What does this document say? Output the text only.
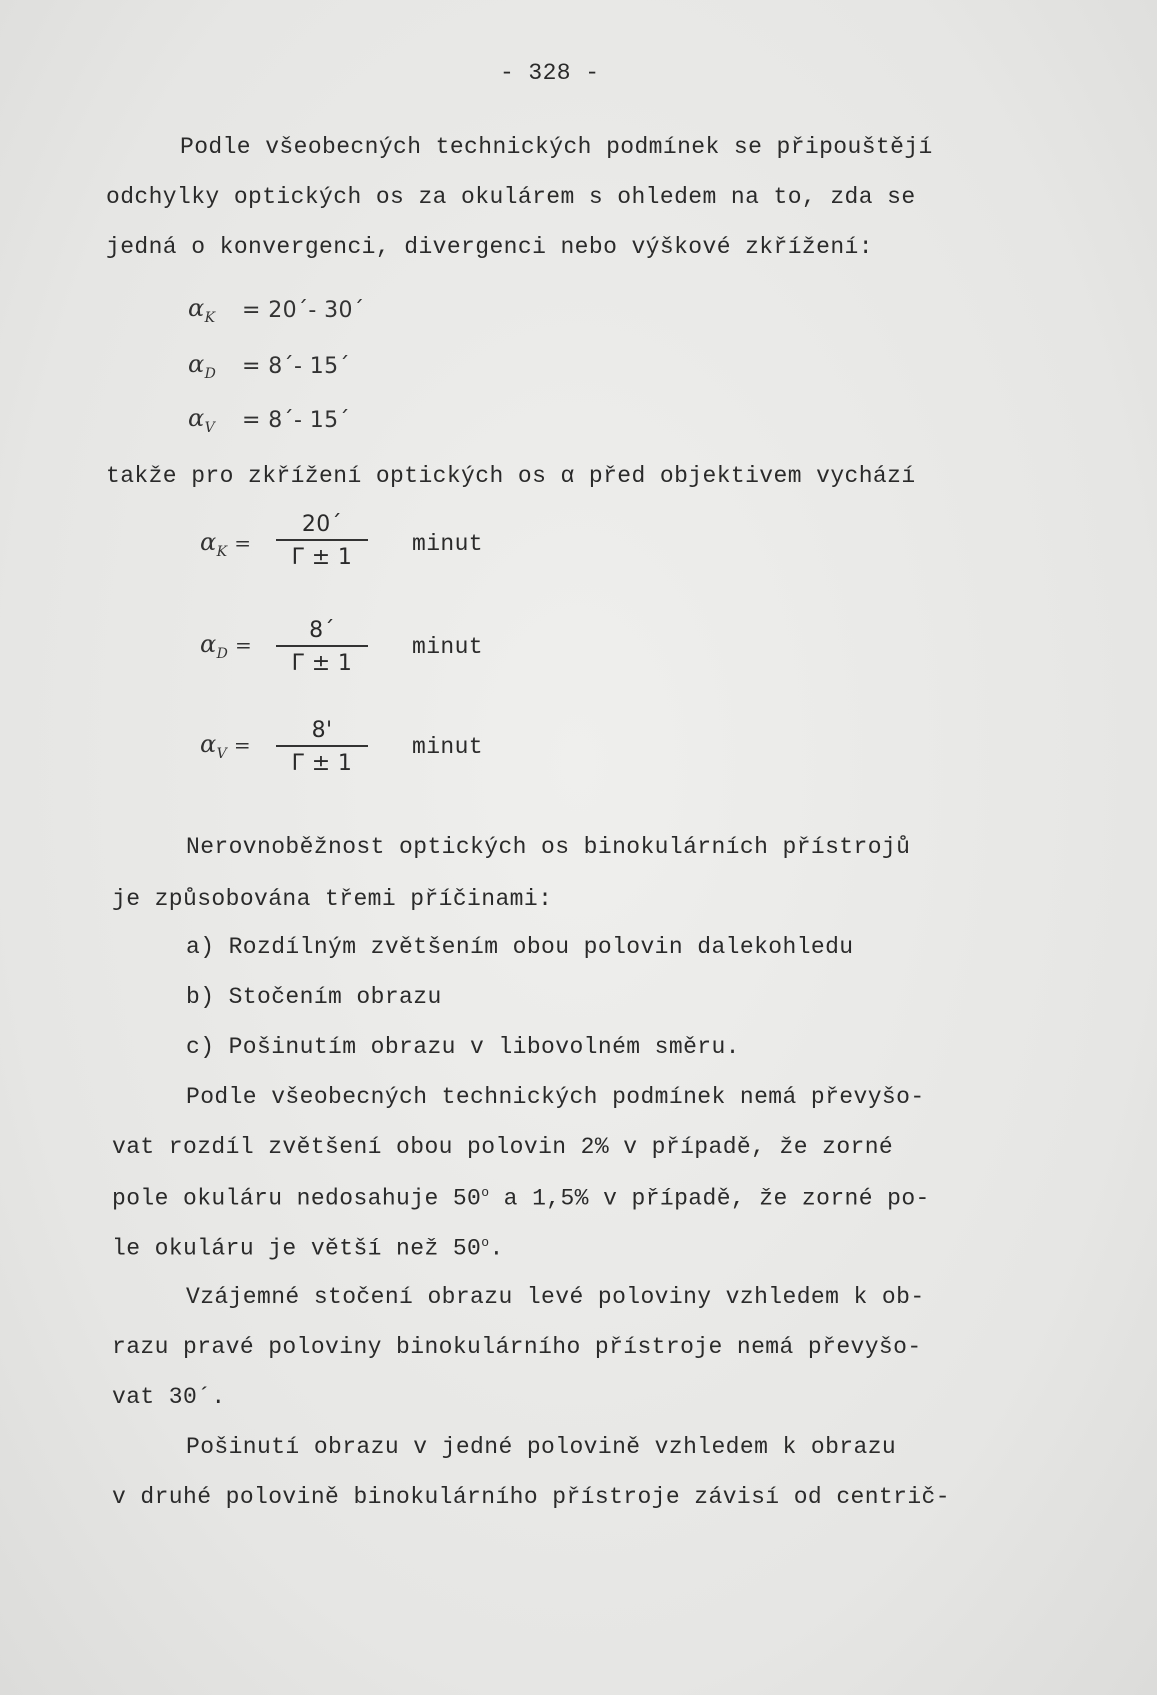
- 328 -
Podle všeobecných technických podmínek se připouštějí
odchylky optických os za okulárem s ohledem na to, zda se
jedná o konvergenci, divergenci nebo výškové zkřížení:
$\alpha_K$ = 20´- 30´
$\alpha_D$ = 8´- 15´
$\alpha_V$ = 8´- 15´
takže pro zkřížení optických os α před objektivem vychází
$\alpha_K$ =
20´
Γ ± 1
minut
$\alpha_D$ =
8´
Γ ± 1
minut
$\alpha_V$ =
8'
Γ ± 1
minut
Nerovnoběžnost optických os binokulárních přístrojů
je způsobována třemi příčinami:
a) Rozdílným zvětšením obou polovin dalekohledu
b) Stočením obrazu
c) Pošinutím obrazu v libovolném směru.
Podle všeobecných technických podmínek nemá převyšo-
vat rozdíl zvětšení obou polovin 2% v případě, že zorné
pole okuláru nedosahuje 50$^o$ a 1,5% v případě, že zorné po-
le okuláru je větší než 50$^o$.
Vzájemné stočení obrazu levé poloviny vzhledem k ob-
razu pravé poloviny binokulárního přístroje nemá převyšo-
vat 30´.
Pošinutí obrazu v jedné polovině vzhledem k obrazu
v druhé polovině binokulárního přístroje závisí od centrič-
